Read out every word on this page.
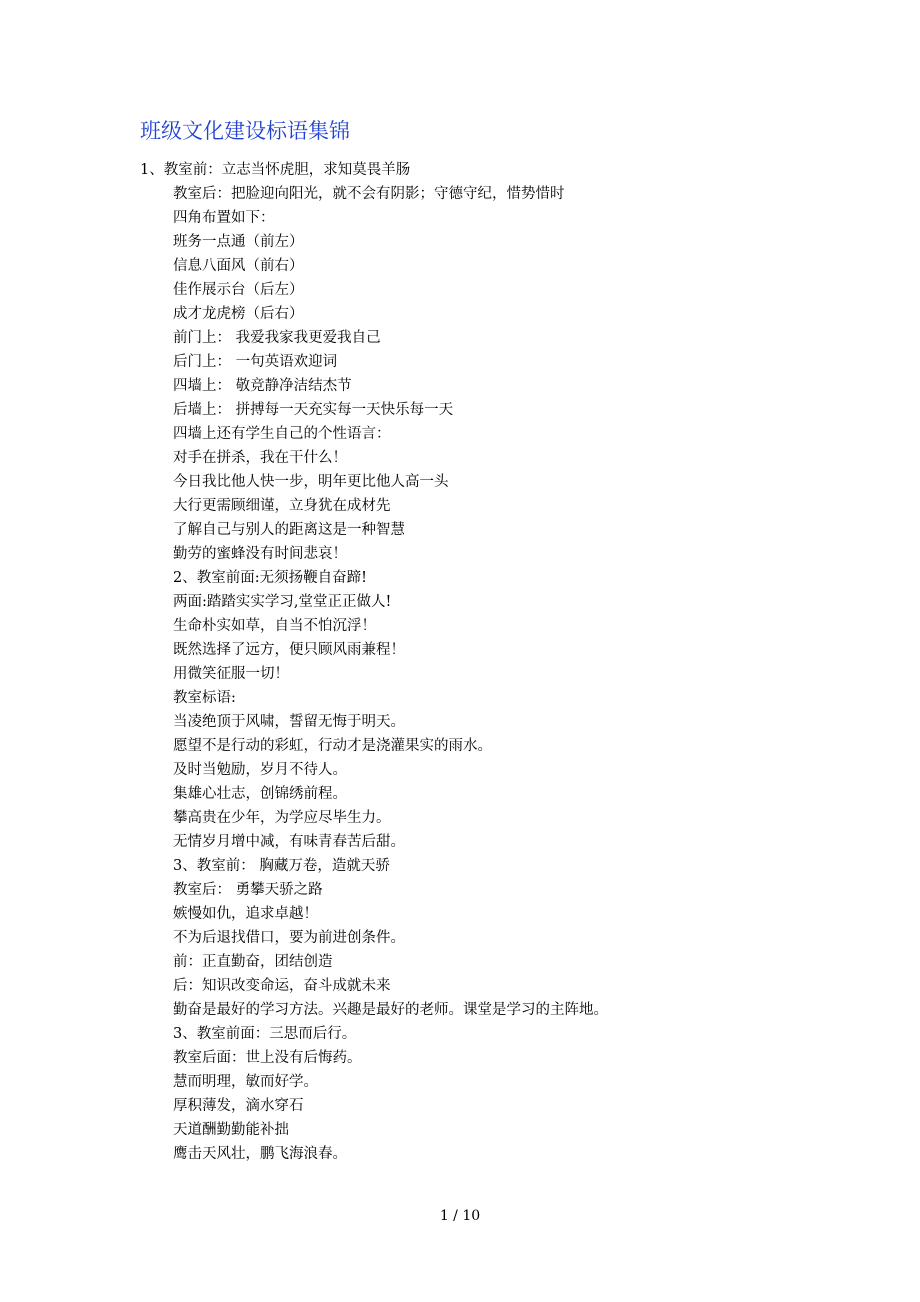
班级文化建设标语集锦
1、教室前：立志当怀虎胆，求知莫畏羊肠
教室后：把脸迎向阳光，就不会有阴影；守德守纪，惜势惜时
四角布置如下：
班务一点通（前左）
信息八面风（前右）
佳作展示台（后左）
成才龙虎榜（后右）
前门上： 我爱我家我更爱我自己
后门上： 一句英语欢迎词
四墙上： 敬竞静净洁结杰节
后墙上： 拼搏每一天充实每一天快乐每一天
四墙上还有学生自己的个性语言：
对手在拼杀，我在干什么！
今日我比他人快一步，明年更比他人高一头
大行更需顾细谨，立身犹在成材先
了解自己与别人的距离这是一种智慧
勤劳的蜜蜂没有时间悲哀！
2、教室前面:无须扬鞭自奋蹄!
两面:踏踏实实学习,堂堂正正做人!
生命朴实如草，自当不怕沉浮！
既然选择了远方，便只顾风雨兼程！
用微笑征服一切！
教室标语:
当凌绝顶于风啸，誓留无悔于明天。
愿望不是行动的彩虹，行动才是浇灌果实的雨水。
及时当勉励，岁月不待人。
集雄心壮志，创锦绣前程。
攀高贵在少年，为学应尽毕生力。
无情岁月增中减，有味青春苦后甜。
3、教室前： 胸藏万卷，造就天骄
教室后： 勇攀天骄之路
嫉慢如仇，追求卓越！
不为后退找借口，要为前进创条件。
前：正直勤奋，团结创造
后：知识改变命运，奋斗成就未来
勤奋是最好的学习方法。兴趣是最好的老师。课堂是学习的主阵地。
3、教室前面：三思而后行。
教室后面：世上没有后悔药。
慧而明理，敏而好学。
厚积薄发，滴水穿石
天道酬勤勤能补拙
鹰击天风壮，鹏飞海浪春。
1 / 10
